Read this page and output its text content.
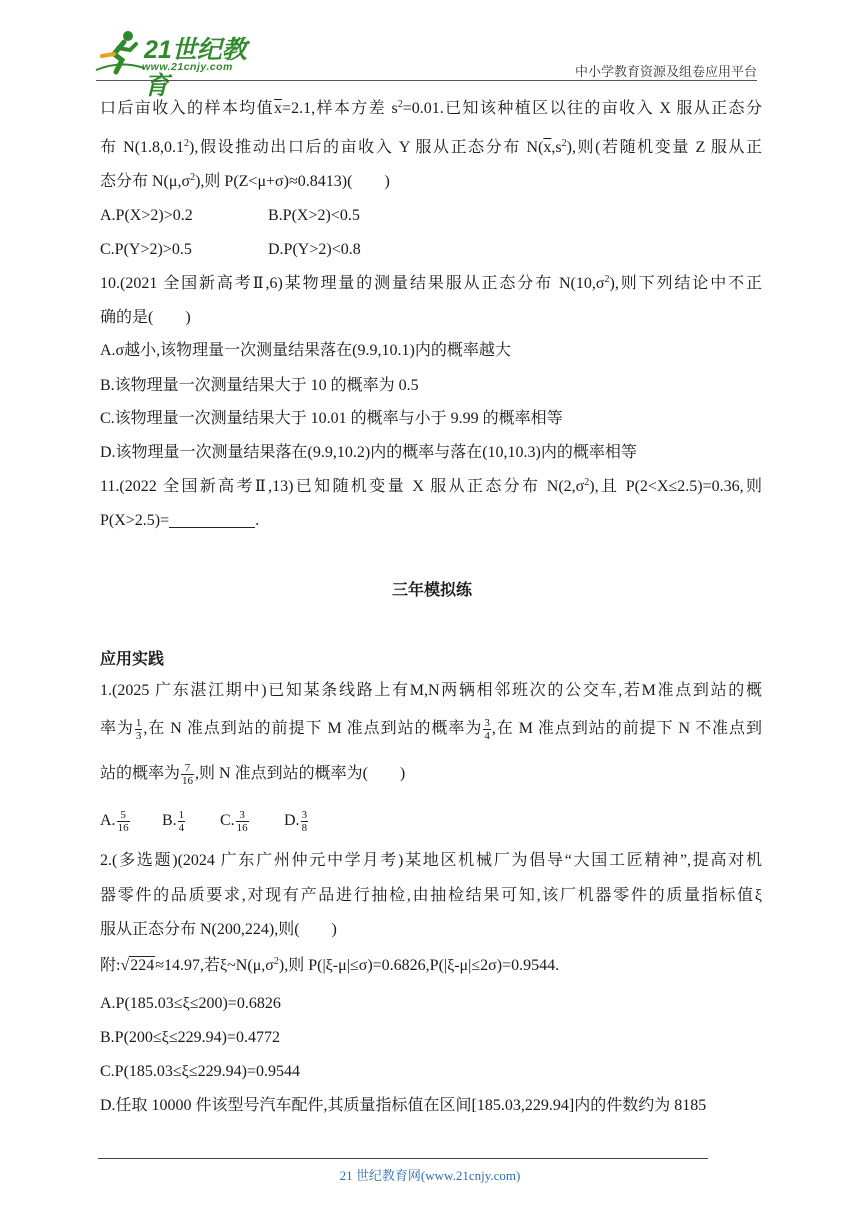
21世纪教育
www.21cnjy.com	中小学教育资源及组卷应用平台
口后亩收入的样本均值$\overline{x}=2.1$,样本方差 $s^2=0.01$.已知该种植区以往的亩收入 X 服从正态分
布 N(1.8,0.1$^2$),假设推动出口后的亩收入 Y 服从正态分布 $N(\overline{x},s^2)$,则(若随机变量 Z 服从正
态分布 $N(\mu,\sigma^2)$,则 P(Z<μ+σ)≈0.8413)(　　)
A.P(X>2)>0.2	B.P(X>2)<0.5
C.P(Y>2)>0.5	D.P(Y>2)<0.8
10.(2021 全国新高考Ⅱ,6)某物理量的测量结果服从正态分布 $N(10,\sigma^2)$,则下列结论中不正
确的是(　　)
A.σ越小,该物理量一次测量结果落在(9.9,10.1)内的概率越大
B.该物理量一次测量结果大于 10 的概率为 0.5
C.该物理量一次测量结果大于 10.01 的概率与小于 9.99 的概率相等
D.该物理量一次测量结果落在(9.9,10.2)内的概率与落在(10,10.3)内的概率相等
11.(2022 全国新高考Ⅱ,13)已知随机变量 X 服从正态分布 $N(2,\sigma^2)$,且 P(2<X≤2.5)=0.36,则
P(X>2.5)=	.
三年模拟练
应用实践
1.(2025 广东湛江期中)已知某条线路上有M,N两辆相邻班次的公交车,若M准点到站的概
率为 $\frac{1}{3}$ ,在 N 准点到站的前提下 M 准点到站的概率为 $\frac{3}{4}$ ,在 M 准点到站的前提下 N 不准点到
站的概率为 $\frac{7}{16}$ ,则 N 准点到站的概率为(　　)
A. $\frac{5}{16} B$. $\frac{1}{4} C$. $\frac{3}{16} D$. $\frac{3}{8}$
2.(多选题)(2024 广东广州仲元中学月考)某地区机械厂为倡导“大国工匠精神”,提高对机
器零件的品质要求,对现有产品进行抽检,由抽检结果可知,该厂机器零件的质量指标值ξ
服从正态分布 N(200,224),则(　　)
附:√224≈14.97,若$\xi\sim N(\mu,\sigma^2)$,则 P(|ξ-μ|≤σ)=0.6826,P(|ξ-μ|≤2σ)=0.9544.
A.P(185.03≤ξ≤200)=0.6826
B.P(200≤ξ≤229.94)=0.4772
C.P(185.03≤ξ≤229.94)=0.9544
D.任取 10000 件该型号汽车配件,其质量指标值在区间[185.03,229.94]内的件数约为 8185
21 世纪教育网(www.21cnjy.com)
